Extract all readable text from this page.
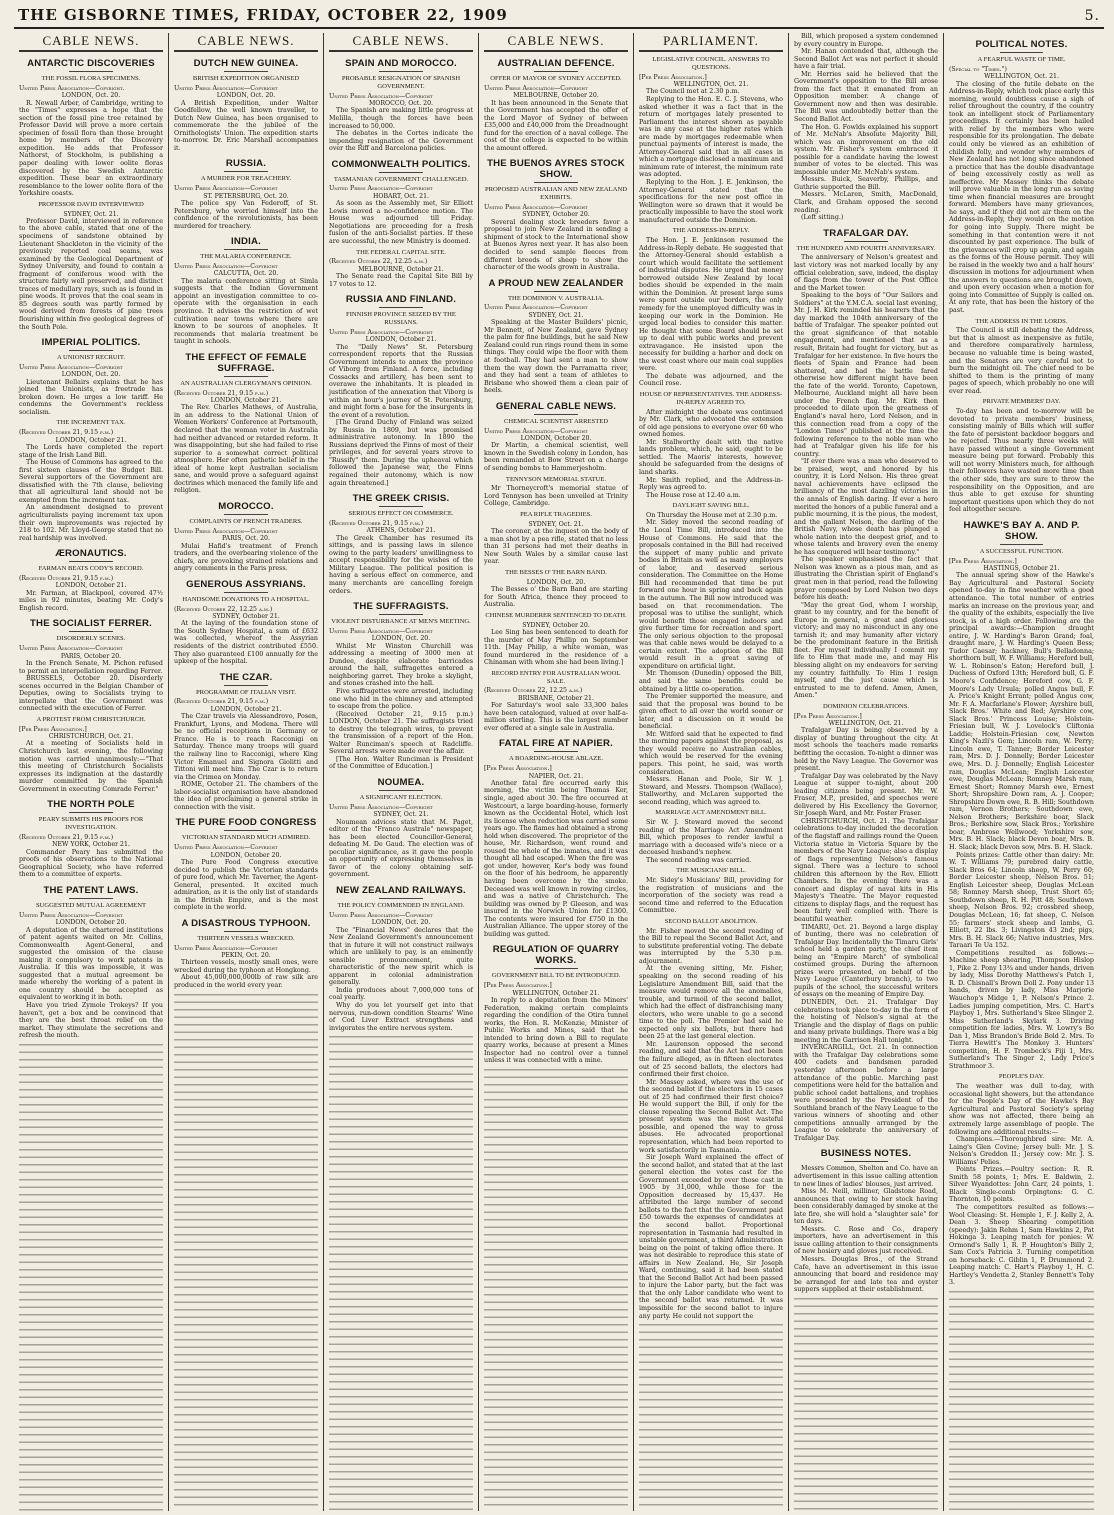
THE GISBORNE TIMES, FRIDAY, OCTOBER 22, 1909	5.
CABLE NEWS.
ANTARCTIC DISCOVERIES
THE FOSSIL FLORA SPECIMENS.
United Press Association—Copyright.
LONDON, Oct. 20.

R. Newall Arber, of Cambridge, writing to the "Times" expresses a hope that the section of the fossil pine tree retained by Professor David will prove a more certain specimen of fossil flora than those brought home by members of the Discovery expedition. He adds that Professor Nathorst, of Stockholm, is publishing a paper dealing with lower oolite floras discovered by the Swedish Antarctic expedition. These bear an extraordinary resemblance to the lower oolite flora of the Yorkshire coasts.

PROFESSOR DAVID INTERVIEWED
SYDNEY, Oct. 21.

Professor David, interviewed in reference to the above cable, stated that one of the specimens of sandstone obtained by Lieutenant Shackleton in the vicinity of the previously reported coal seams, was examined by the Geological Department of Sydney University, and found to contain a fragment of coniferous wood with the structure fairly well preserved, and distinct traces of medullary rays, such as is found in pine woods. It proves that the coal seam in 85 degrees south was partly formed by wood derived from forests of pine trees flourishing within five geological degrees of the South Pole.

IMPERIAL POLITICS.
A UNIONIST RECRUIT.
United Press Association—Copyright
LONDON, Oct. 20.

Lieutenant Bellairs explains that he has joined the Unionists, as freetrade has broken down. He urges a low tariff. He condemns the Government's reckless socialism.

THE INCREMENT TAX.
(Received October 21, 9.15 p.m.)
LONDON, October 21.

The Lords have completed the report stage of the Irish Land Bill.

The House of Commons has agreed to the first sixteen clauses of the Budget Bill. Several supporters of the Government are dissatisfied with the 7th clause, believing that all agricultural land should not be exempted from the increment tax.

An amendment designed to prevent agriculturalists paying increment tax upon their own improvements was rejected by 218 to 102. Mr. Lloyd-George stated that no real hardship was involved.

ÆRONAUTICS.
FARMAN BEATS CODY'S RECORD.
(Received October 21, 9.15 p.m.)
LONDON, October 21.

Mr. Farman, at Blackpool, covered 47½ miles in 92 minutes, beating Mr. Cody's English record.

THE SOCIALIST FERRER.
DISORDERLY SCENES.
United Press Association—Copyright
PARIS, October 20.

In the French Senate, M. Pichon refused to permit an interpellation regarding Ferrer.

BRUSSELS, October 20. Disorderly scenes occurred in the Belgian Chamber of Deputies, owing to Socialists trying to interpellate that the Government was connected with the execution of Ferrer.

A PROTEST FROM CHRISTCHURCH.
[Per Press Association.]
CHRISTCHURCH, Oct. 21.

At a meeting of Socialists held in Christchurch last evening, the following motion was carried unanimously:—"That this meeting of Christchurch Socialists expresses its indignation at the dastardly murder committed by the Spanish Government in executing Comrade Ferrer."

THE NORTH POLE
PEARY SUBMITS HIS PROOFS FOR INVESTIGATION.
(Received October 21, 9.15 p.m.)
NEW YORK, October 21.

Commander Peary has submitted the proofs of his observations to the National Geographical Society, who have referred them to a committee of experts.

THE PATENT LAWS.
SUGGESTED MUTUAL AGREEMENT
United Press Association—Copyright
LONDON, October 20.

A deputation of the chartered institutions of patent agents waited on Mr. Collins, Commonwealth Agent-General, and suggested the omission of the clause making it compulsory to work patents in Australia. If this was impossible, it was suggested that a mutual agreement be made whereby the working of a patent in one country should be accepted as equivalent to working it in both.

Have you tried Zymole Trokeys? If you haven't, get a box and be convinced that they are the best throat relief on the market. They stimulate the secretions and refresh the mouth.

CABLE NEWS.
DUTCH NEW GUINEA.
BRITISH EXPEDITION ORGANISED
United Press Association—Copyright
LONDON, Oct. 20.

A British Expedition, under Walter Goodfellow, the well known traveller, to Dutch New Guinea, has been organised to commemorate the the jubilee of the Ornithologists' Union. The expedition starts to-morrow. Dr. Eric Marshall accompanies it.

RUSSIA.
A MURDER FOR TREACHERY.
United Press Association—Copyright
ST. PETERSBURG, Oct. 20.

The police spy Van Federoff, of St. Petersburg, who worried himself into the confidence of the revolutionists, has been murdered for treachery.

INDIA.
THE MALARIA CONFERENCE.
United Press Association—Copyright
CALCUTTA, Oct. 20.

The malaria conference sitting at Simla suggests that the Indian Government appoint an investigation committee to co-operate with the organisation in each province. It advises the restriction of wet cultivation near towns where there are known to be sources of anopheles. It recommends that malaria treatment be taught in schools.

THE EFFECT OF FEMALE SUFFRAGE.
AN AUSTRALIAN CLERGYMAN'S OPINION.
(Received October 21, 9.15 p.m.)
LONDON, October 21.

The Rev. Charles Mathews, of Australia, in an address to the National Union of Women Workers' Conference at Portsmouth, declared that the woman voter in Australia had neither advanced or retarded reform. It was disappointing, but she had failed to rise superior to a somewhat correct political atmosphere. Her often pathetic belief in the ideal of home kept Australian socialism sane, and would prove a safeguard against doctrines which menaced the family life and religion.

MOROCCO.
COMPLAINTS OF FRENCH TRADERS.
United Press Association—Copyright
PARIS, Oct. 20.

Mulai Hafid's treatment of French traders, and the overbearing violence of the chiefs, are provoking strained relations and angry comments in the Paris press.

GENEROUS ASSYRIANS.
HANDSOME DONATIONS TO A HOSPITAL.
(Received October 22, 12.25 a.m.)
SYDNEY, October 21.

At the laying of the foundation stone of the South Sydney Hospital, a sum of £632 was collected, whereof the Assyrian residents of the district contributed £550. They also guaranteed £100 annually for the upkeep of the hospital.

THE CZAR.
PROGRAMME OF ITALIAN VISIT.
(Received October 21, 9.15 p.m.)
LONDON, October 21.

The Czar travels via Alessandrovo, Posen, Frankfurt, Lyons, and Modena. There will be no official receptions in Germany or France. He is to reach Racconigi on Saturday. Thence many troops will guard the railway line to Racconigi, where King Victor Emanuel and Signora Giolitti and Tittoni will meet him. The Czar is to return via the Crimea on Monday.

ROME, October 21. The chambers of the labor-socialist organisation have abandoned the idea of proclaiming a general strike in connection with the visit.

THE PURE FOOD CONGRESS
VICTORIAN STANDARD MUCH ADMIRED.
United Press Association—Copyright
LONDON, October 20.

The Pure Food Congress executive decided to publish the Victorian standards of pure food, which Mr. Taverner, the Agent-General, presented. It excited much admiration, as it is the only list of standards in the British Empire, and is the most complete in the world.

A DISASTROUS TYPHOON.
THIRTEEN VESSELS WRECKED.
United Press Association—Copyright
PEKIN, Oct. 20.

Thirteen vessels, mostly small ones, were wrecked during the typhoon at Hongkong.

About 45,000,000,000lb of raw silk are produced in the world every year.

CABLE NEWS.
SPAIN AND MOROCCO.
PROBABLE RESIGNATION OF SPANISH GOVERNMENT.
United Press Association—Copyright
MOROCCO, Oct. 20.

The Spanish are making little progress at Melilla, though the forces have been increased to 50,000.

The debates in the Cortes indicate the impending resignation of the Government over the Riff and Barcelona policies.

COMMONWEALTH POLITICS.
TASMANIAN GOVERNMENT CHALLENGED.
United Press Association—Copyright
HOBART, Oct. 21.

As soon as the Assembly met, Sir Elliott Lewis moved a no-confidence motion. The House was adjourned till Friday. Negotiations are proceeding for a fresh fusion of the anti-Socialist parties. If these are successful, the new Ministry is doomed.

THE FEDERAL CAPITAL SITE.
(Received October 22, 12.25 a.m.)
MELBOURNE, October 21.

The Senate read the Capital Site Bill by 17 votes to 12.

RUSSIA AND FINLAND.
FINNISH PROVINCE SEIZED BY THE RUSSIANS.
United Press Association—Copyright
LONDON, October 21.

The "Daily News" St. Petersburg correspondent reports that the Russian Government intends to annex the province of Viborg from Finland. A force, including Cossacks and artillery, has been sent to overawe the inhabitants. It is pleaded in justification of the annexation that Viborg is within an hour's journey of St. Petersburg, and might form a base for the insurgents in the event of a revolution.

[The Grand Duchy of Finland was seized by Russia in 1809, but was promised administrative autonomy. In 1890 the Russians deprived the Finns of most of their privileges, and for several years strove to "Russify" them. During the upheaval which followed the Japanese war, the Finns regained their autonomy, which is now again threatened.]

THE GREEK CRISIS.
SERIOUS EFFECT ON COMMERCE.
(Received October 21, 9.15 p.m.)
ATHENS, October 21.

The Greek Chamber has resumed its sittings, and is passing laws in silence owing to the party leaders' unwillingness to accept responsibility for the wishes of the Military League. The political position is having a serious effect on commerce, and many merchants are cancelling foreign orders.

THE SUFFRAGISTS.
VIOLENT DISTURBANCE AT MEN'S MEETING.
United Press Association—Copyright
LONDON, Oct. 20.

Whilst Mr Winston Churchill was addressing a meeting of 3000 men at Dundee, despite elaborate barricades around the hall, suffragettes entered a neighboring garret. They broke a skylight, and stones crashed into the hall.

Five suffragettes were arrested, including one who hid in the chimney and attempted to escape from the police.

(Received October 21, 9.15 p.m.) LONDON, October 21. The suffragists tried to destroy the telegraph wires, to prevent the transmission of a report of the Hon. Walter Runciman's speech at Radcliffe. Several arrests were made over the affair.

[The Hon. Walter Runciman is President of the Committee of Education.]

NOUMEA.
A SIGNIFICANT ELECTION.
United Press Association—Copyright
SYDNEY, Oct. 21.

Noumean advices state that M. Paget, editor of the "Franco Australe" newspaper, has been elected Councillor-General, defeating M. De Gaud. The election was of peculiar significance, as it gave the people an opportunity of expressing themselves in favor of the colony obtaining self-government.

NEW ZEALAND RAILWAYS.
THE POLICY COMMENDED IN ENGLAND.
United Press Association—Copyright
LONDON, Oct. 20.

The "Financial News" declares that the New Zealand Government's announcement that in future it will not construct railways which are unlikely to pay, is an eminently sensible pronouncement, quite characteristic of the new spirit which is apparent in colonial administration generally.

India produces about 7,000,000 tons of coal yearly.

Why do you let yourself get into that nervous, run-down condition Stearns' Wine of Cod Liver Extract strengthens and invigorates the entire nervous system.

CABLE NEWS.
AUSTRALIAN DEFENCE.
OFFER OF MAYOR OF SYDNEY ACCEPTED.
United Press Association—Copyright
MELBOURNE, October 20.

It has been announced in the Senate that the Government has accepted the offer of the Lord Mayor of Sydney of between £35,000 and £40,000 from the Dreadnought fund for the erection of a naval college. The cost of the college is expected to be within the amount offered.

THE BUENOS AYRES STOCK SHOW.
PROPOSED AUSTRALIAN AND NEW ZEALAND EXHIBITS.
United Press Association—Copyright
SYDNEY, October 20.

Several dealing stock breeders favor a proposal to join New Zealand in sending a shipment of stock to the International show at Buenos Ayres next year. It has also been decided to send sample fleeces from different breeds of sheep to show the character of the wools grown in Australia.

A PROUD NEW ZEALANDER
THE DOMINION V. AUSTRALIA.
United Press Association—Copyright
SYDNEY, Oct. 21.

Speaking at the Master Builders' picnic, Mr Bennett, of New Zealand, gave Sydney the palm for fine buildings, but he said New Zealand could run rings round them in some things. They could wipe the floor with them at football. They had sent a man to show them the way down the Parramatta river, and they had sent a team of athletes to Brisbane who showed them a clean pair of heels.

GENERAL CABLE NEWS.
CHEMICAL SCIENTIST ARRESTED
United Press Association—Copyright
LONDON, October 20.

Dr Martin, a chemical scientist, well known in the Swedish colony in London, has been remanded at Bow Street on a charge of sending bombs to Hammerjesholm.

TENNYSON MEMORIAL STATUE.

Mr Thorneycroft's memorial statue of Lord Tennyson has been unveiled at Trinity College, Cambridge.

PEA RIFLE TRAGEDIES.
SYDNEY, Oct. 21.

The coroner, at the inquest on the body of a man shot by a pea rifle, stated that no less than 31 persons had met their deaths in New South Wales by a similar cause last year.

THE BESSES O' THE BARN BAND.
LONDON, Oct. 20.

The Besses o' the Barn Band are starting for South Africa, thence they proceed to Australia.

CHINESE MURDERER SENTENCED TO DEATH.
SYDNEY, October 20.

Lee Sing has been sentenced to death for the murder of May Phillip on September 11th. [May Philip, a white woman, was found murdered in the residence of a Chinaman with whom she had been living.]

RECORD ENTRY FOR AUSTRALIAN WOOL SALE.
(Received October 22, 12.25 a.m.)
BRISBANE, October 21.

For Saturday's wool sale 33,300 bales have been catalogued, valued at over half-a-million sterling. This is the largest number ever offered at a single sale in Australia.

FATAL FIRE AT NAPIER.
A BOARDING-HOUSE ABLAZE.
[Per Press Association.]
NAPIER, Oct. 21.

Another fatal fire occurred early this morning, the victim being Thomas Ker, single, aged about 30. The fire occurred at Westcourt, a large boarding-house, formerly known as the Occidental Hotel, which lost its license when reduction was carried some years ago. The flames had obtained a strong hold when discovered. The proprietor of the house, Mr. Richardson, went round and roused the whole of the inmates, and it was thought all had escaped. When the fire was got under, however, Ker's body was found on the floor of his bedroom, he apparently having been overcome by the smoke. Deceased was well known in rowing circles, and was a native of Christchurch. The building was owned by P. Gleeson, and was insured in the Norwich Union for £1300. The contents were insured for £750 in the Australian Alliance. The upper storey of the building was gutted.

REGULATION OF QUARRY WORKS.
GOVERNMENT BILL TO BE INTRODUCED.
[Per Press Association.]
WELLINGTON, October 21.

In reply to a deputation from the Miners' Federation, making certain complaints regarding the condition of the Otira tunnel works, the Hon. R. McKenzie, Minister of Public Works and Mines, said that he intended to bring down a Bill to regulate quarry works, because at present a Mines Inspector had no control over a tunnel unless it was connected with a mine.

PARLIAMENT.
LEGISLATIVE COUNCIL. ANSWERS TO QUESTIONS.
[Per Press Association.]
WELLINGTON, Oct. 21.

The Council met at 2.30 p.m.

Replying to the Hon. E. C. J. Stevens, who asked whether it was a fact that in the return of mortgages lately presented to Parliament the interest shown as payable was in any case at the higher rates which are made by mortgages redeemable when punctual payments of interest is made, the Attorney-General said that in all cases in which a mortgage disclosed a maximum and minimum rate of interest, the minimum rate was adopted.

Replying to the Hon. J. E. Jenkinson, the Attorney-General stated that the specifications for the new post office in Wellington were so drawn that it would be practically impossible to have the steel work manufactured outside the Dominion.

THE ADDRESS-IN-REPLY.

The Hon. J. E. Jenkinson resumed the Address-in-Reply debate. He suggested that the Attorney-General should establish a court which would facilitate the settlement of industrial disputes. He urged that money borrowed outside New Zealand by local bodies should be expended in the main within the Dominion. At present large sums were spent outside our borders, the only remedy for the unemployed difficulty was in keeping our work in the Dominion. He urged local bodies to consider this matter. He thought that some Board should be set up to deal with public works and prevent extravagance. He insisted upon the necessity for building a harbor and dock on the west coast where our main coal supplies were.

The debate was adjourned, and the Council rose.

HOUSE OF REPRESENTATIVES. THE ADDRESS-IN-REPLY AGREED TO.

After midnight the debate was continued by Mr. Clark, who advocated the extension of old age pensions to everyone over 60 who owned homes.

Mr. Stallworthy dealt with the native lands problem, which, he said, ought to be settled. The Maoris' interests, however, should be safeguarded from the designs of land sharks.

Mr. Smith replied, and the Address-in-Reply was agreed to.

The House rose at 12.40 a.m.

DAYLIGHT SAVING BILL.

On Thursday the House met at 2.30 p.m.

Mr. Sidey moved the second reading of the Local Time Bill, introduced into the House of Commons. He said that the proposals contained in the Bill had received the support of many public and private bodies in Britain as well as many employers of labor, and deserved serious consideration. The Committee on the Home Bill had recommended that time be put forward one hour in spring and back again in the autumn. The Bill now introduced was based on that recommendation. The proposal was to utilise the sunlight, which would benefit those engaged indoors and give further time for recreation and sport. The only serious objection to the proposal was that cable news would be delayed to a certain extent. The adoption of the Bill would result in a great saving of expenditure on artificial light.

Mr. Thomson (Dunedin) opposed the Bill, and said the same benefits could be obtained by a little co-operation.

The Premier supported the measure, and said that the proposal was bound to be given effect to all over the world sooner or later, and a discussion on it would be beneficial.

Mr. Witford said that he expected to find the morning papers against the proposal, as they would receive no Australian cables, which would be reserved for the evening papers. This point, he said, was worth consideration.

Messrs. Hanan and Poole, Sir W. J. Steward, and Messrs. Thompson (Wallace), Stallworthy, and McLaren supported the second reading, which was agreed to.

MARRIAGE ACT AMENDMENT BILL.

Sir W. J. Steward moved the second reading of the Marriage Act Amendment Bill, which proposes to render lawful a marriage with a deceased wife's niece or a deceased husband's nephew.

The second reading was carried.

THE MUSICIANS' BILL.

Mr. Sidey's Musicians' Bill, providing for the registration of musicians and the incorporation of the society was read a second time and referred to the Education Committee.

SECOND BALLOT ABOLITION.

Mr. Fisher moved the second reading of the Bill to repeal the Second Ballot Act, and to substitute preferential voting. The debate was interrupted by the 5.30 p.m. adjournment.

At the evening sitting, Mr. Fisher, speaking on the second reading of his Legislature Amendment Bill, said that the measure would remove all the anomalies, trouble, and turmoil of the second ballot, which had the effect of disfranchising many electors, who were unable to go a second time to the poll. The Premier had said he expected only six ballots, but there had been 25 at the last general election.

Mr. Laurenson opposed the second reading, and said that the Act had not been the failure alleged, as in fifteen electorates out of 25 second ballots, the electors had confirmed their first choice.

Mr. Massey asked, where was the use of the second ballot if the electors in 15 cases out of 25 had confirmed their first choice? He would support the Bill, if only for the clause repealing the Second Ballot Act. The present system was the most wasteful possible, and opened the way to gross abuses. He advocated proportional representation, which had been reported to work satisfactorily in Tasmania.

Sir Joseph Ward explained the effect of the second ballot, and stated that at the last general election the votes cast for the Government exceeded by over those cast in 1905 by 31,000, while those for the Opposition decreased by 15,437. He attributed the large number of second ballots to the fact that the Government paid £50 towards the expenses of candidates at the second ballot. Proportional representation in Tasmania had resulted in unstable government, a third Administration being on the point of taking office there. It was not desirable to reproduce this state of affairs in New Zealand. He, Sir Joseph Ward, continuing, said it had been stated that the Second Ballot Act had been passed to injure the Labor party, but the fact was that the only Labor candidate who went to the second ballot was returned. It was impossible for the second ballot to injure any party. He could not support the

Bill, which proposed a system condemned by every country in Europe.

Mr. Hanan contended that, although the Second Ballot Act was not perfect it should have a fair trial.

Mr. Herries said he believed that the Government's opposition to the Bill arose from the fact that it emanated from an Opposition member. A change of Government now and then was desirable. The Bill was undoubtedly better than the Second Ballot Act.

The Hon. G. Fowlds explained his support of Mr. McNab's Absolute Majority Bill, which was an improvement on the old system. Mr. Fisher's system embraced it possible for a candidate having the lowest number of votes to be elected. This was impossible under Mr. McNab's system.

Messrs. Buick, Seaverby, Phillips, and Guthrie supported the Bill.

Messrs. McLaren, Smith, MacDonald, Clark, and Graham opposed the second reading.

(Left sitting.)

TRAFALGAR DAY.
THE HUNDRED AND FOURTH ANNIVERSARY.

The anniversary of Nelson's greatest and last victory was not marked locally by any official celebration, save, indeed, the display of flags from the tower of the Post Office and the Market tower.

Speaking to the boys of "Our Sailors and Soldiers" at the Y.M.C.A. social last evening, Mr. J. H. Kirk reminded his hearers that the day marked the 104th anniversary of the battle of Trafalgar. The speaker pointed out the great significance of that notable engagement, and mentioned that as a result, Britain had fought for victory, but as Trafalgar for her existence. In five hours the fleets of Spain and France had been shattered, and had the battle fared otherwise how different might have been the fate of the world. Toronto, Capetown, Melbourne, Auckland might all have been under the French flag. Mr. Kirk then proceeded to dilate upon the greatness of England's naval hero, Lord Nelson, and in this connection read from a copy of the "London Times" published at the time the following reference to the noble man who had at Trafalgar given his life for his country.

"If ever there was a man who deserved to be praised, wept, and honored by his country, it is Lord Nelson. His three great naval achievements have eclipsed the brilliancy of the most dazzling victories in the annals of English daring. If ever a hero merited the honors of a public funeral and a public mourning, it is the pious, the modest, and the gallant Nelson, the darling of the British Navy, whose death has plunged a whole nation into the deepest grief, and to whose talents and bravery even the enemy he has conquered will bear testimony."

The speaker emphasised the fact that Nelson was known as a pious man, and as illustrating the Christian spirit of England's great men in that period, read the following prayer composed by Lord Nelson two days before his death:

"May the great God, whom I worship, grant to my country, and for the benefit of Europe in general, a great and glorious victory; and may no misconduct in any one tarnish it; and may humanity after victory be the predominant feature in the British fleet. For myself individually I commit my life to Him that made me, and may His blessing alight on my endeavors for serving my country faithfully. To Him I resign myself, and the just cause which is entrusted to me to defend. Amen, Amen, Amen."

DOMINION CELEBRATIONS.
[Per Press Association.]
WELLINGTON, Oct. 21.

Trafalgar Day is being observed by a display of bunting throughout the city. At most schools the teachers made remarks befitting the occasion. To-night a dinner was held by the Navy League. The Governor was present.

Trafalgar Day was celebrated by the Navy League at supper to-night, about 200 leading citizens being present. Mr. W. Fraser, M.P., presided, and speeches were delivered by His Excellency the Governor, Sir Joseph Ward, and Mr. Foster Fraser.

CHRISTCHURCH, Oct. 21. The Trafalgar celebrations to-day included the decoration of the flagstaff and railings round the Queen Victoria statue in Victoria Square by the members of the Navy League; also a display of flags representing Nelson's famous signal. There was a lecture to school children this afternoon by the Rev. Elliott Chambers. In the evening there was a concert and display of naval kits in His Majesty's Theatre. The Mayor requested citizens to display flags, and the request has been fairly well complied with. There is beautiful weather.

TIMARU, Oct. 21. Beyond a large display of bunting, there was no celebration of Trafalgar Day. Incidentally the Timaru Girls' school held a garden party, the chief item being an "Empire March" of symbolical costumed groups. During the afternoon prizes were presented, on behalf of the Navy League (Canterbury branch), to two pupils of the school, the successful writers of essays on the meaning of Empire Day.

DUNEDIN, Oct. 21. Trafalgar Day celebrations took place to-day in the form of the hoisting of Nelson's signal at the Triangle and the display of flags on public and many private buildings. There was a big meeting in the Garrison Hall tonight.

INVERCARGILL, Oct. 21. In connection with the Trafalgar Day celebrations some 400 cadets and bandsmen paraded yesterday afternoon before a large attendance of the public. Marching past competitions were held for the battalion and public school cadet battalions, and trophies were presented by the President of the Southland branch of the Navy League to the various winners of shooting and other competitions annually arranged by the League to celebrate the anniversary of Trafalgar Day.

BUSINESS NOTES.

Messrs Common, Shelton and Co. have an advertisement in this issue calling attention to new lines of ladies' blouses, just arrived.

Miss M. Neill, milliner, Gladstone Road, announces that owing to her stock having been considerably damaged by smoke at the late fire, she will hold a "slaughter sale" for ten days.

Messrs. C. Rose and Co., drapery importers, have an advertisement in this issue calling attention to their consignments of new hosiery and gloves just received.

Messrs. Douglas Bros., of the Strand Cafe, have an advertisement in this issue announcing that board and residence may be arranged for and late tea and oyster suppers supplied at their establishment.

POLITICAL NOTES.
A FEARFUL WASTE OF TIME.
(Special to "Times.")
WELLINGTON, Oct. 21.

The closing of the futile debate on the Address-in-Reply, which took place early this morning, would doubtless cause a sigh of relief throughout the country, if the country took an intelligent stock of Parliamentary proceedings. It certainly has been hailed with relief by the members who were responsible for its prolongation. The debate could only be viewed as an exhibition of childish folly, and wonder why members of New Zealand has not long since abandoned a practice that has the double disadvantage of being excessively costly as well as ineffective. Mr Massey thinks the debate will prove valuable in the long run as saving time when financial measures are brought forward. Members have many grievances, he says, and if they did not air them on the Address-in-Reply, they would on the motion for going into Supply. There might be something in that contention were it not discounted by past experience. The bulk of the grievances will crop up again, and again as the forms of the House permit. They will be raised in the weekly two and a half hours' discussion in motions for adjournment when the answers to questions are brought down, and upon every occasion when a motion for going into Committee of Supply is called on. At any rate, that has been the history of the past.

THE ADDRESS IN THE LORDS.

The Council is still debating the Address, but that is almost as inexpensive as futile, and therefore comparatively harmless, because no valuable time is being wasted, and the Senators are very careful not to burn the midnight oil. The chief need to be shifted to them is the printing of many pages of speech, which probably no one will ever read.

PRIVATE MEMBERS' DAY.

To-day has been and to-morrow will be devoted to private members' business, consisting mainly of Bills which will suffer the fate of persistent backdoor beggars and be rejected. Thus nearly three weeks will have passed without a single Government measure being put forward. Probably this will not worry Ministers much, for although their followers have wasted more time than the other side, they are sure to throw the responsibility on the Opposition, and are thus able to get excuse for shunting important questions upon which they do not feel altogether secure.

HAWKE'S BAY A. AND P. SHOW.
A SUCCESSFUL FUNCTION.
[Per Press Association.]
HASTINGS, October 21.

The annual spring show of the Hawke's Bay Agricultural and Pastoral Society opened to-day in fine weather with a good attendance. The total number of entries marks an increase on the previous year, and the quality of the exhibits, especially the live stock, is of a high order. Following are the principal awards:—Champion draught entire, J. W. Harding's Baron Grand; foal, draught mare, J. W. Harding's Queen Bess; Tudor Caesar; hackney, Bull's Belladonna; shorthorn bull, W. F. Williams; Hereford bull, W. L. Robinson's Eaton; Hereford bull, J. Duchess of Oxford 13th; Hereford bull, G. F. Moore's Confidence; Hereford cow, G. F. Moore's Lady Ursula; polled Angus bull, F. A. Price's Knight Errant; polled Angus cow, Mr. F. A. Macfarlane's Flower; Ayrshire bull, Slack Bros.' White and Red; Ayrshire cow, Slack Bros.' Princess Louise; Holstein-Friesian bull, W. J. Lovelock's Cliftonia Laddie; Holstein-Friesian cow, Newton King's Nazli's Gem; Lincoln ram, W. Perry; Lincoln ewe, T. Tanner; Border Leicester ram, Mrs. D. J. Donnelly; Border Leicester ewe, Mrs. D. J. Donnelly; English Leicester ram, Douglas McLean; English Leicester ewe, Douglas McLean; Romney Marsh ram, Ernest Short; Romney Marsh ewe, Ernest Short; Shropshire Down ram, A. J. Cooper; Shropshire Down ewe, R. B. Hill; Southdown ram, Vernon Brothers; Southdown ewe, Nelson Brothers; Berkshire boar, Slack Bros.; Berkshire sow, Slack Bros.; Yorkshire boar, Ambrose Wellwood; Yorkshire sow, Mrs. B. H. Slack; black Devon boar, Mrs. B. H. Slack; black Devon sow, Mrs. B. H. Slack.

Points prizes: Cattle other than dairy: Mr. W. T. Williams 79; purebred dairy cattle, Slack Bros 64; Lincoln sheep, W. Perry 60; Border Leicester sheep, Nelson Bros. 51; English Leicester sheep, Douglas McLean 58; Romney Marsh sheep, Trust Short 65; Southdown sheep, R. H. Pitt 48; Southdown sheep, Nelson Bros. 92; crossbred sheep, Douglas McLean, 16; fat sheep, C. Nelson 55; farmers' stock sheep and lambs, G. Elliott, 22 lbs. 3; Livingston 43 2nd; pigs, Mrs. B. H. Slack 66; Native industries, Mrs. Taraari Te Ua 152.

Competitions resulted as follows:—Machine sheep shearing, Thompson Hislop 1, Pike 2. Pony 13¾ and under hands, driven by lady, Miss Dorothy Matthews's Patch 1, R. D. Chisnall's Brown Doll 2. Pony under 13 hands, driven by lady, Miss Marjorie Wauchop's Midge 1, P. Nelson's Prince 2. Ladies jumping competition, Mrs. C. Hart's Playboy 1, Mrs. Sutherland's Skee Slinger 2. Miss Sutherland's Skylark 3. Driving competition for ladies, Mrs. W. Lowry's Bo Dan 1, Miss Brandon's Bride Bold 2. Mrs. To Tierra Hewitt's The Monkey 3. Hunters' competition, H. F. Trombeck's Fiji 1, Mrs. Sutherland's The Singer 2, Lady Price's Strathmoor 3.

PEOPLE'S DAY.

The weather was dull to-day, with occasional light showers, but the attendance for the People's Day of the Hawke's Bay Agricultural and Pastoral Society's spring show was not affected, there being an extremely large assemblage of people. The following are additional results:—

Champions.—Thoroughbred sire: Mr. A. Laing's Glen Covine; Jersey bull: Mr. J. S. Nelson's Greddon II.; Jersey cow: Mr. J. S. Williams' Pelies.

Points Prizes.—Poultry section: R. R. Smith 58 points, 1; Mrs. E. Baldwin, 2. Silver Wyandottes: John Carr, 24 points, 1. Black Single-comb Orpingtons: G. C. Thornton, 10 points.

The competitors resulted as follows:—Wool Cleasing: St. Hemple 1, F. J. Kelly 2, A. Dean 3. Sheep Shearing competition (speedy): Jakin Rehm 1, Sam Hawkins 2, Pat Hokinga 3. Leaping match for ponies: W. Ormond's Sally 1, R. P. Houghton's Billy 2, Sam Cox's Patricia 3. Turning competition on horseback: C. Giblin 1, P. Drummond 2. Leaping match: C. Hart's Playboy 1, H. C. Hartley's Vendetta 2, Stanley Bennett's Toby 3.
